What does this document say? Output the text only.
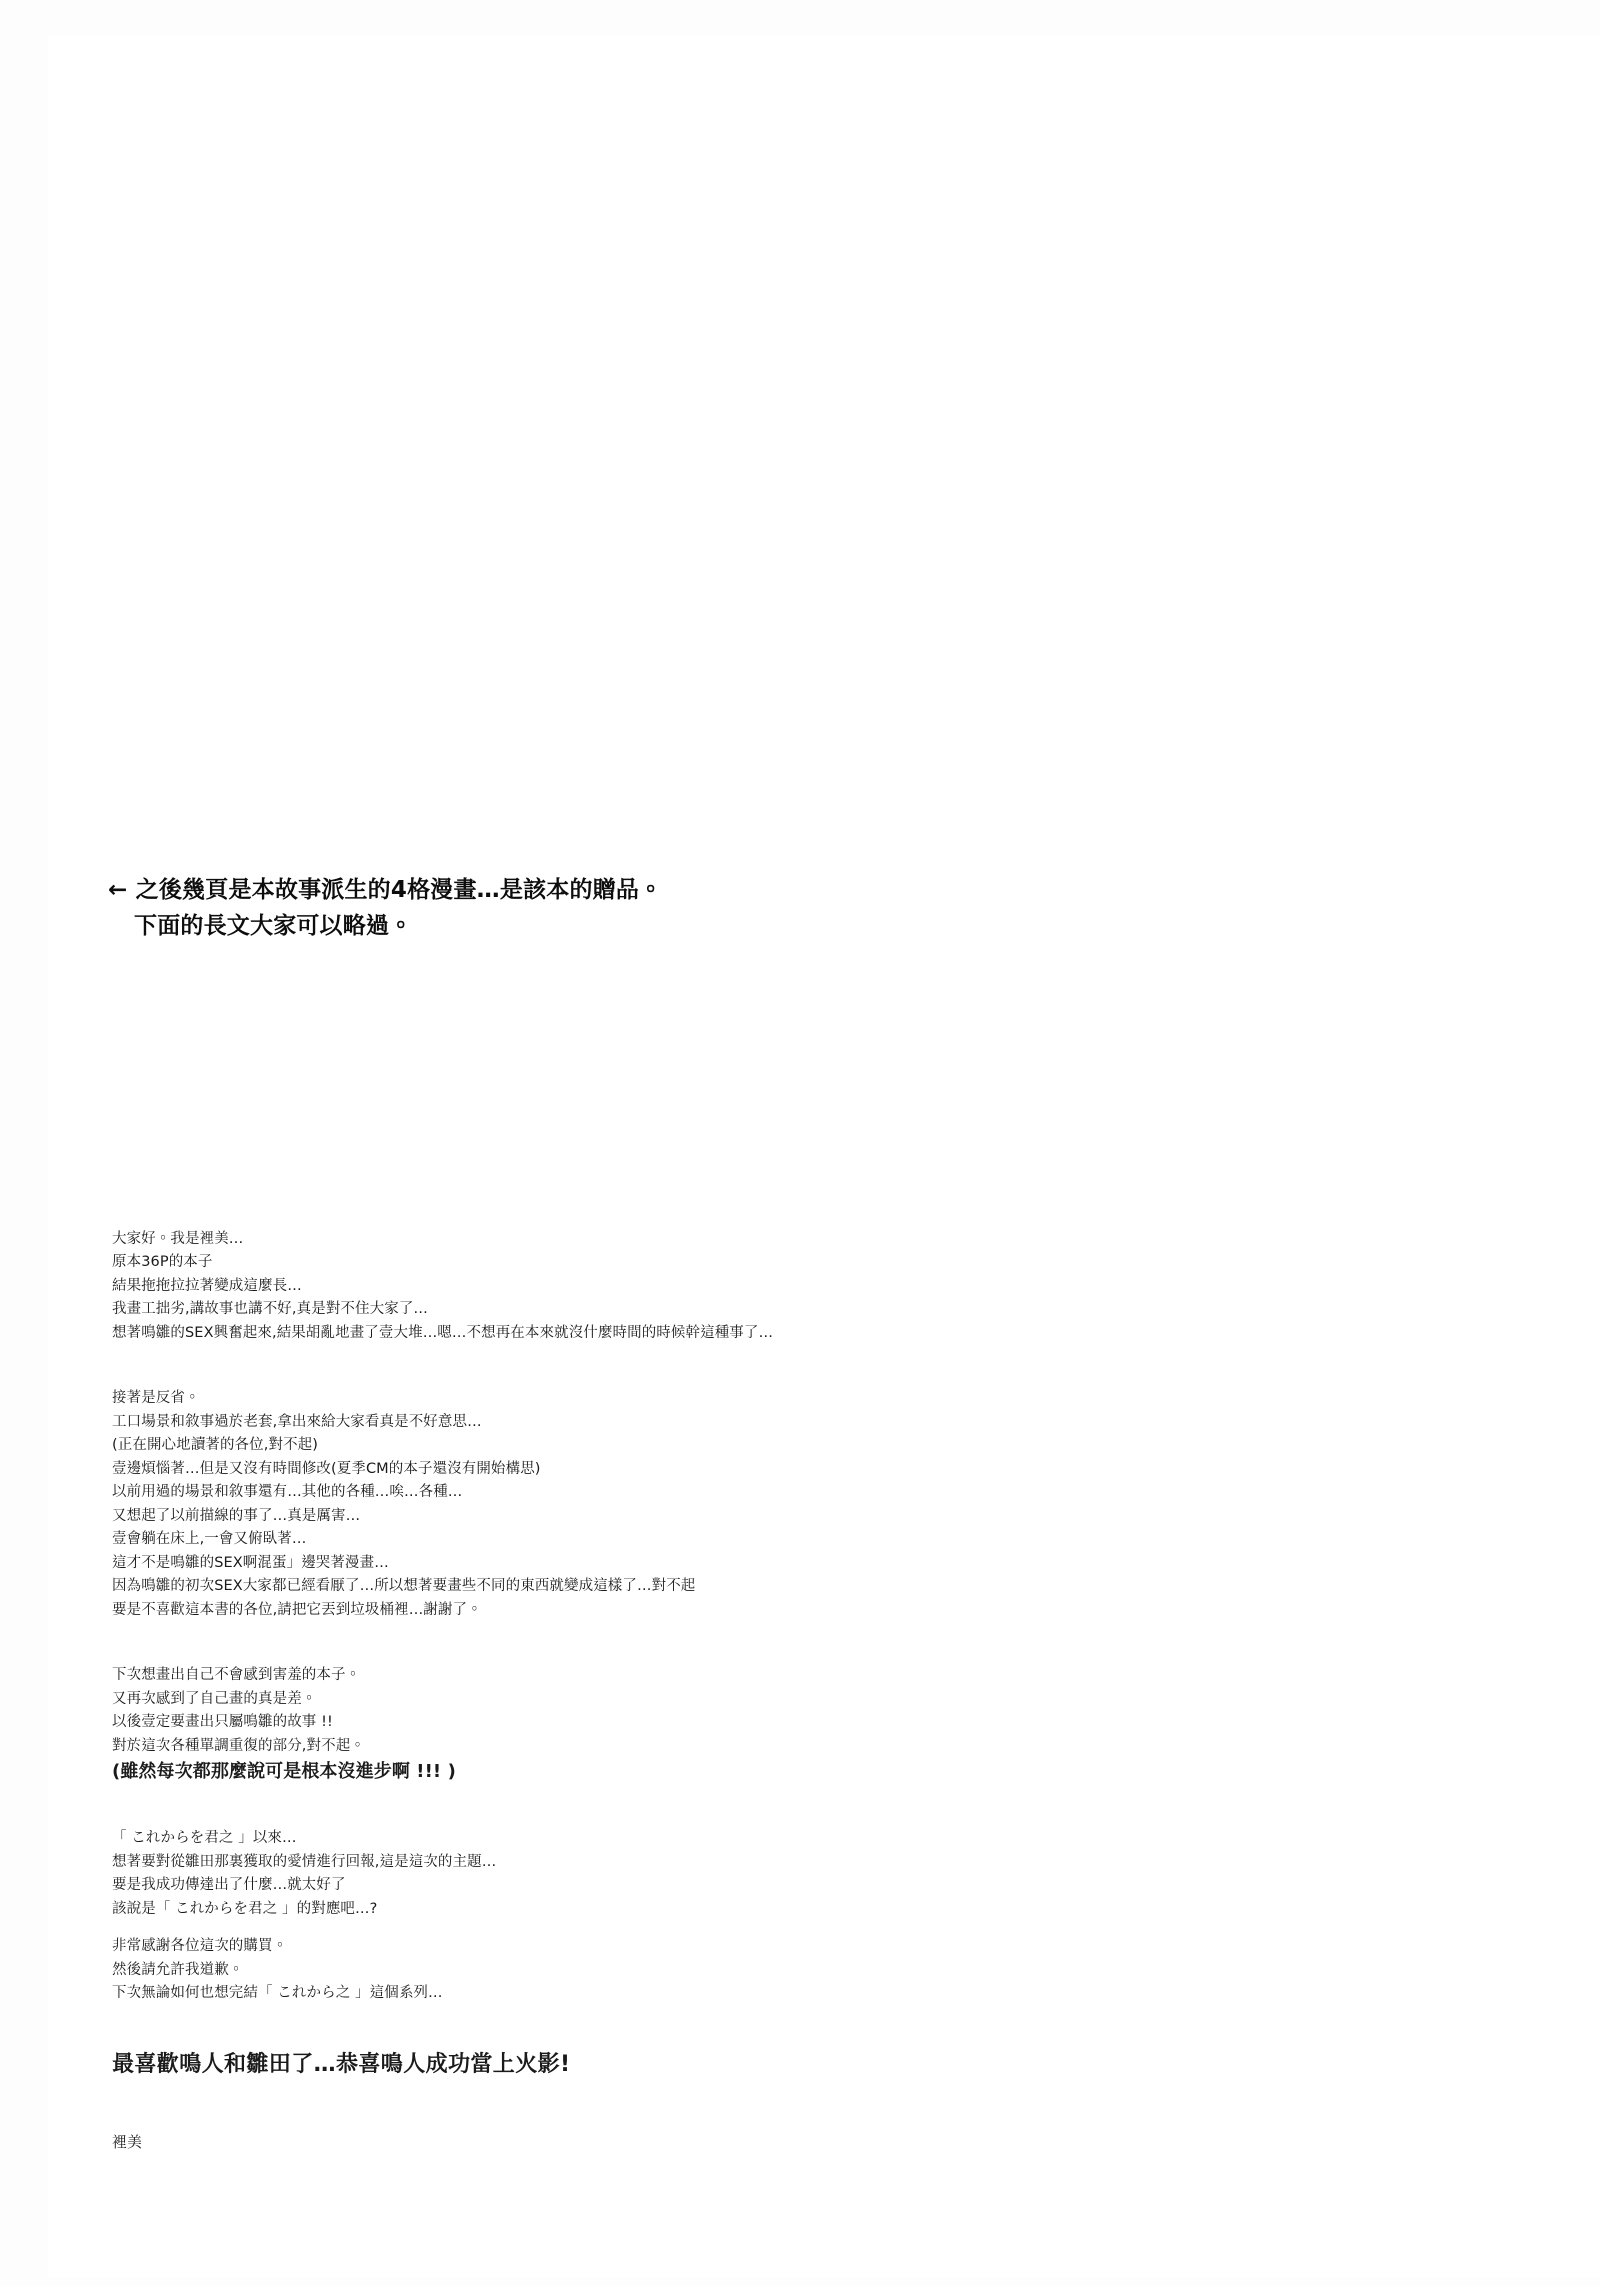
← 之後幾頁是本故事派生的4格漫畫…是該本的贈品。
下面的長文大家可以略過。

大家好。我是裡美…

原本36P的本子

結果拖拖拉拉著變成這麼長…

我畫工拙劣,講故事也講不好,真是對不住大家了…

想著鳴雛的SEX興奮起來,結果胡亂地畫了壹大堆…嗯…不想再在本來就沒什麼時間的時候幹這種事了…

接著是反省。

工口場景和敘事過於老套,拿出來給大家看真是不好意思…

(正在開心地讀著的各位,對不起)

壹邊煩惱著…但是又沒有時間修改(夏季CM的本子還沒有開始構思)

以前用過的場景和敘事還有…其他的各種…唉…各種…

又想起了以前描線的事了…真是厲害…

壹會躺在床上,一會又俯臥著…

這才不是鳴雛的SEX啊混蛋」邊哭著漫畫…

因為鳴雛的初次SEX大家都已經看厭了…所以想著要畫些不同的東西就變成這樣了…對不起

要是不喜歡這本書的各位,請把它丟到垃圾桶裡…謝謝了。

下次想畫出自己不會感到害羞的本子。

又再次感到了自己畫的真是差。

以後壹定要畫出只屬鳴雛的故事 !!

對於這次各種單調重復的部分,對不起。

(雖然每次都那麼說可是根本沒進步啊 !!! )

「 これからを君之 」以來…

想著要對從雛田那裏獲取的愛情進行回報,這是這次的主題…

要是我成功傳達出了什麼…就太好了

該說是「 これからを君之 」的對應吧…?

非常感謝各位這次的購買。

然後請允許我道歉。

下次無論如何也想完結「 これから之 」這個系列…

最喜歡鳴人和雛田了…恭喜鳴人成功當上火影!

裡美
